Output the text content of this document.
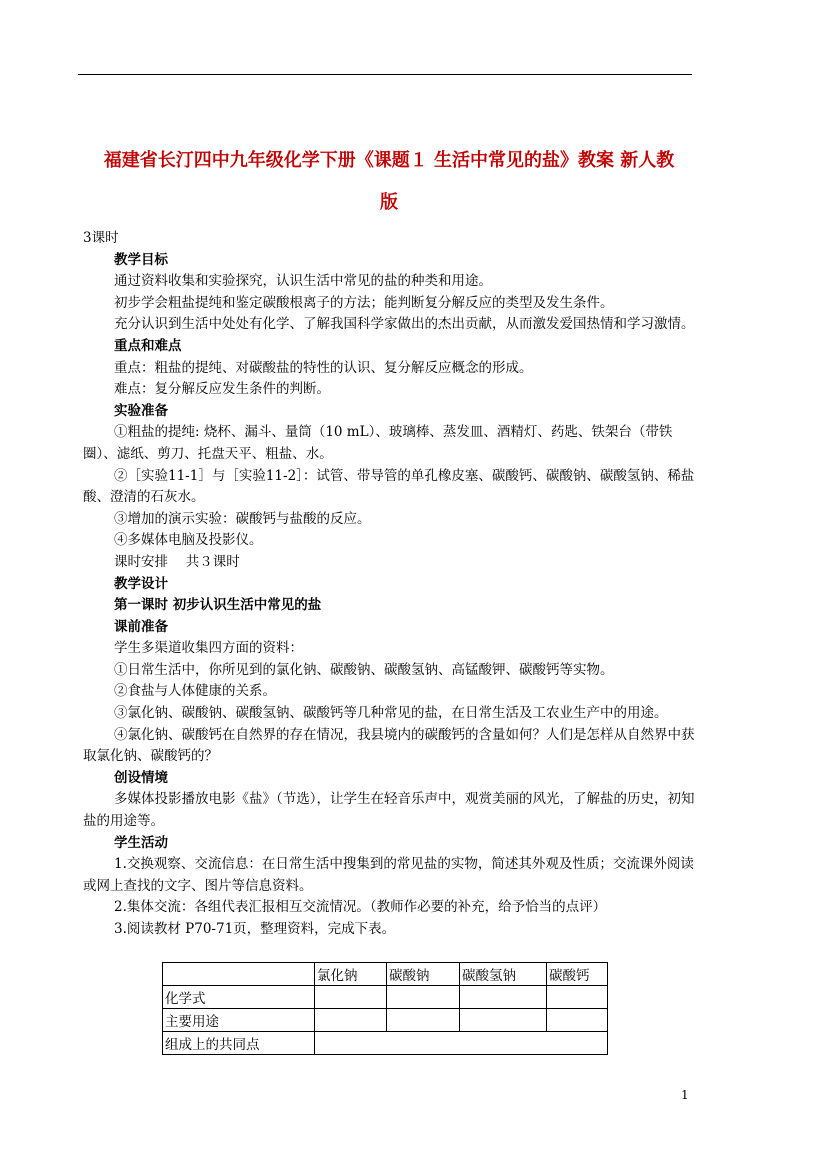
福建省长汀四中九年级化学下册《课题１ 生活中常见的盐》教案 新人教
版

3课时

教学目标

通过资料收集和实验探究，认识生活中常见的盐的种类和用途。

初步学会粗盐提纯和鉴定碳酸根离子的方法；能判断复分解反应的类型及发生条件。

充分认识到生活中处处有化学、了解我国科学家做出的杰出贡献，从而激发爱国热情和学习激情。

重点和难点

重点：粗盐的提纯、对碳酸盐的特性的认识、复分解反应概念的形成。

难点：复分解反应发生条件的判断。

实验准备

①粗盐的提纯: 烧杯、漏斗、量筒（10 mL）、玻璃棒、蒸发皿、酒精灯、药匙、铁架台（带铁圈）、滤纸、剪刀、托盘天平、粗盐、水。

②［实验11-1］与［实验11-2］：试管、带导管的单孔橡皮塞、碳酸钙、碳酸钠、碳酸氢钠、稀盐酸、澄清的石灰水。

③增加的演示实验：碳酸钙与盐酸的反应。

④多媒体电脑及投影仪。

课时安排　 共３课时

教学设计

第一课时 初步认识生活中常见的盐

课前准备

学生多渠道收集四方面的资料：

①日常生活中，你所见到的氯化钠、碳酸钠、碳酸氢钠、高锰酸钾、碳酸钙等实物。

②食盐与人体健康的关系。

③氯化钠、碳酸钠、碳酸氢钠、碳酸钙等几种常见的盐，在日常生活及工农业生产中的用途。

④氯化钠、碳酸钙在自然界的存在情况，我县境内的碳酸钙的含量如何？人们是怎样从自然界中获取氯化钠、碳酸钙的？

创设情境

多媒体投影播放电影《盐》（节选），让学生在轻音乐声中，观赏美丽的风光，了解盐的历史，初知盐的用途等。

学生活动

1.交换观察、交流信息：在日常生活中搜集到的常见盐的实物，简述其外观及性质；交流课外阅读或网上查找的文字、图片等信息资料。

2.集体交流：各组代表汇报相互交流情况。（教师作必要的补充，给予恰当的点评）

3.阅读教材 P70-71页，整理资料，完成下表。

	氯化钠	碳酸钠	碳酸氢钠	碳酸钙
化学式				
主要用途				
组成上的共同点				
1
